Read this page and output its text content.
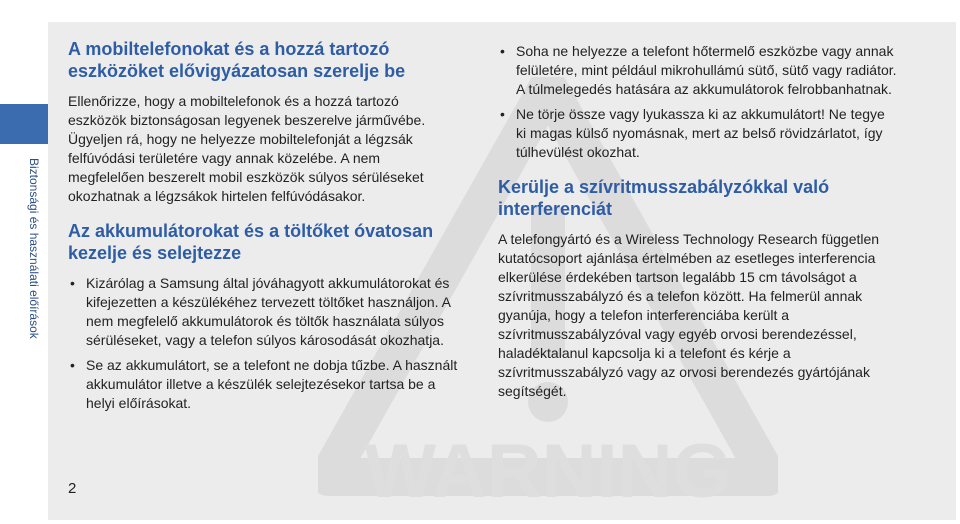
Biztonsági és használati előírások
WARNING
A mobiltelefonokat és a hozzá tartozó eszközöket elővigyázatosan szerelje be

Ellenőrizze, hogy a mobiltelefonok és a hozzá tartozó eszközök biztonságosan legyenek beszerelve járművébe. Ügyeljen rá, hogy ne helyezze mobiltelefonját a légzsák felfúvódási területére vagy annak közelébe. A nem megfelelően beszerelt mobil eszközök súlyos sérüléseket okozhatnak a légzsákok hirtelen felfúvódásakor.

Az akkumulátorokat és a töltőket óvatosan kezelje és selejtezze
• Kizárólag a Samsung által jóváhagyott akkumulátorokat és kifejezetten a készülékéhez tervezett töltőket használjon. A nem megfelelő akkumulátorok és töltők használata súlyos sérüléseket, vagy a telefon súlyos károsodását okozhatja.
• Se az akkumulátort, se a telefont ne dobja tűzbe. A használt akkumulátor illetve a készülék selejtezésekor tartsa be a helyi előírásokat.
• Soha ne helyezze a telefont hőtermelő eszközbe vagy annak felületére, mint például mikrohullámú sütő, sütő vagy radiátor. A túlmelegedés hatására az akkumulátorok felrobbanhatnak.
• Ne törje össze vagy lyukassza ki az akkumulátort! Ne tegye ki magas külső nyomásnak, mert az belső rövidzárlatot, így túlhevülést okozhat.
Kerülje a szívritmusszabályzókkal való interferenciát

A telefongyártó és a Wireless Technology Research független kutatócsoport ajánlása értelmében az esetleges interferencia elkerülése érdekében tartson legalább 15 cm távolságot a szívritmusszabályzó és a telefon között. Ha felmerül annak gyanúja, hogy a telefon interferenciába került a szívritmusszabályzóval vagy egyéb orvosi berendezéssel, haladéktalanul kapcsolja ki a telefont és kérje a szívritmusszabályzó vagy az orvosi berendezés gyártójának segítségét.

2
